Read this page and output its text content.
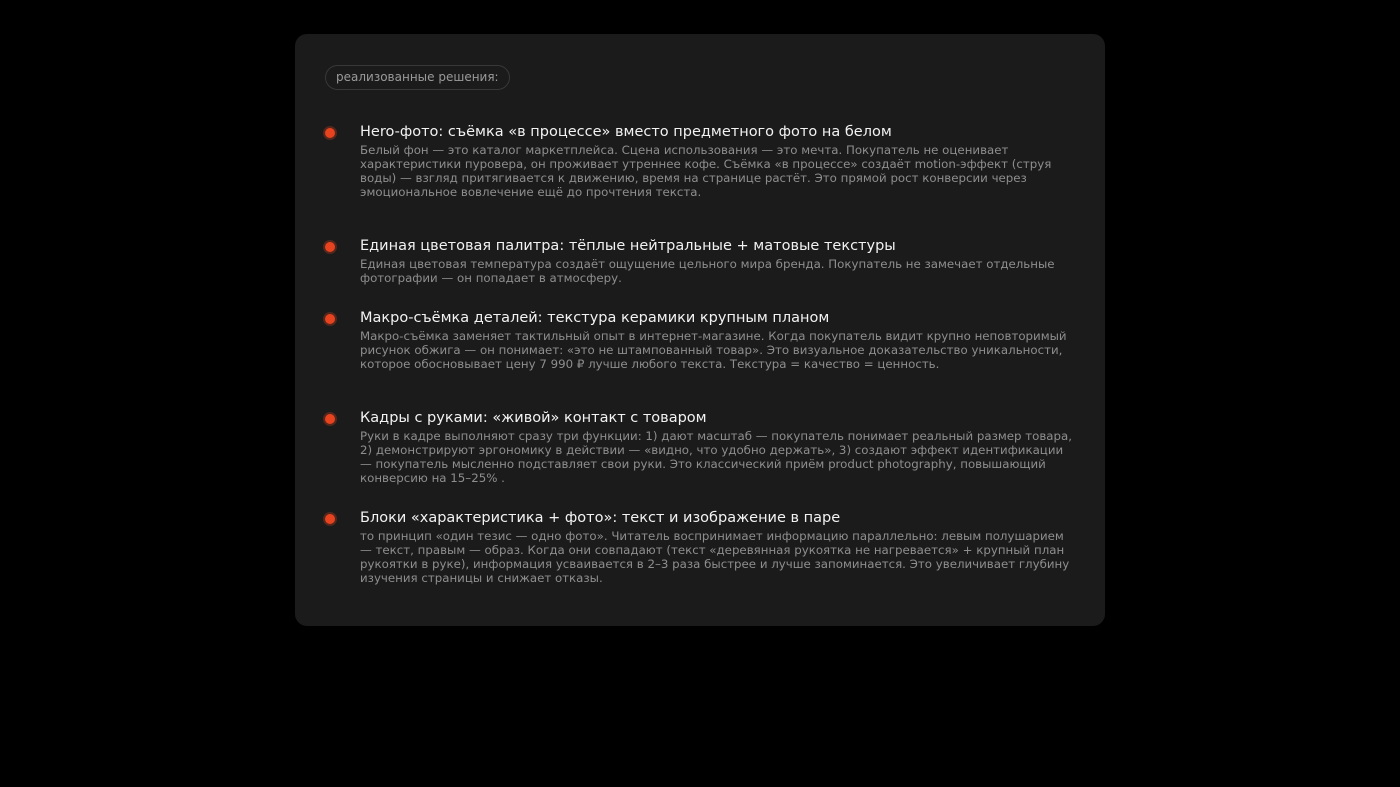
реализованные решения:
Hero-фото: съёмка «в процессе» вместо предметного фото на белом
Белый фон — это каталог маркетплейса. Сцена использования — это мечта. Покупатель не оценивает характеристики пуровера, он проживает утреннее кофе. Съёмка «в процессе» создаёт motion-эффект (струя воды) — взгляд притягивается к движению, время на странице растёт. Это прямой рост конверсии через эмоциональное вовлечение ещё до прочтения текста.
Единая цветовая палитра: тёплые нейтральные + матовые текстуры
Единая цветовая температура создаёт ощущение цельного мира бренда. Покупатель не замечает отдельные фотографии — он попадает в атмосферу.
Макро-съёмка деталей: текстура керамики крупным планом
Макро-съёмка заменяет тактильный опыт в интернет-магазине. Когда покупатель видит крупно неповторимый рисунок обжига — он понимает: «это не штампованный товар». Это визуальное доказательство уникальности, которое обосновывает цену 7 990 ₽ лучше любого текста. Текстура = качество = ценность.
Кадры с руками: «живой» контакт с товаром
Руки в кадре выполняют сразу три функции: 1) дают масштаб — покупатель понимает реальный размер товара, 2) демонстрируют эргономику в действии — «видно, что удобно держать», 3) создают эффект идентификации — покупатель мысленно подставляет свои руки. Это классический приём product photography, повышающий конверсию на 15–25% .
Блоки «характеристика + фото»: текст и изображение в паре
то принцип «один тезис — одно фото». Читатель воспринимает информацию параллельно: левым полушарием — текст, правым — образ. Когда они совпадают (текст «деревянная рукоятка не нагревается» + крупный план рукоятки в руке), информация усваивается в 2–3 раза быстрее и лучше запоминается. Это увеличивает глубину изучения страницы и снижает отказы.
